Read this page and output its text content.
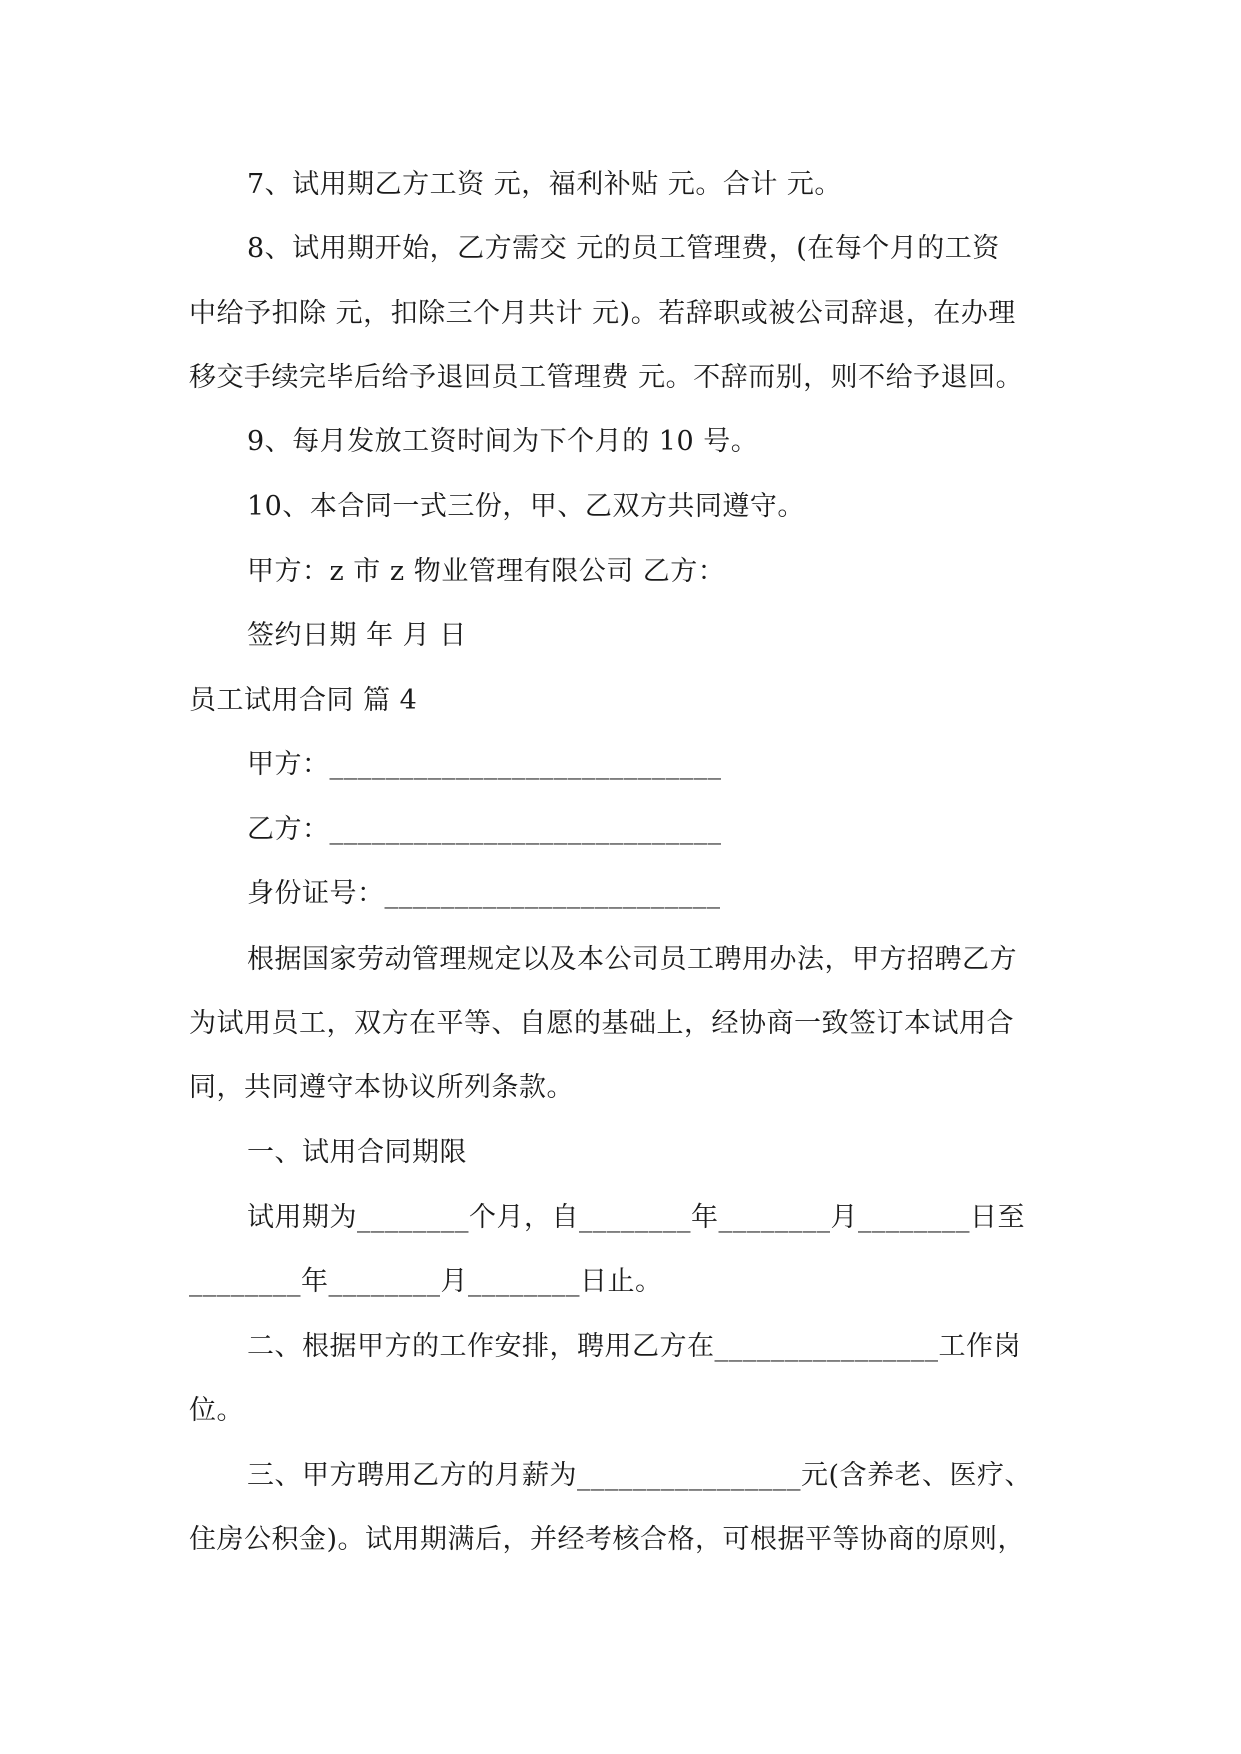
7、试用期乙方工资 元，福利补贴 元。合计 元。
8、试用期开始，乙方需交 元的员工管理费，(在每个月的工资
中给予扣除 元，扣除三个月共计 元)。若辞职或被公司辞退，在办理
移交手续完毕后给予退回员工管理费 元。不辞而别，则不给予退回。
9、每月发放工资时间为下个月的 10 号。
10、本合同一式三份，甲、乙双方共同遵守。
甲方：z 市 z 物业管理有限公司 乙方：
签约日期 年 月 日
员工试用合同 篇 4
甲方：____________________________
乙方：____________________________
身份证号：________________________
根据国家劳动管理规定以及本公司员工聘用办法，甲方招聘乙方
为试用员工，双方在平等、自愿的基础上，经协商一致签订本试用合
同，共同遵守本协议所列条款。
一、试用合同期限
试用期为________个月，自________年________月________日至
________年________月________日止。
二、根据甲方的工作安排，聘用乙方在________________工作岗
位。
三、甲方聘用乙方的月薪为________________元(含养老、医疗、
住房公积金)。试用期满后，并经考核合格，可根据平等协商的原则，
